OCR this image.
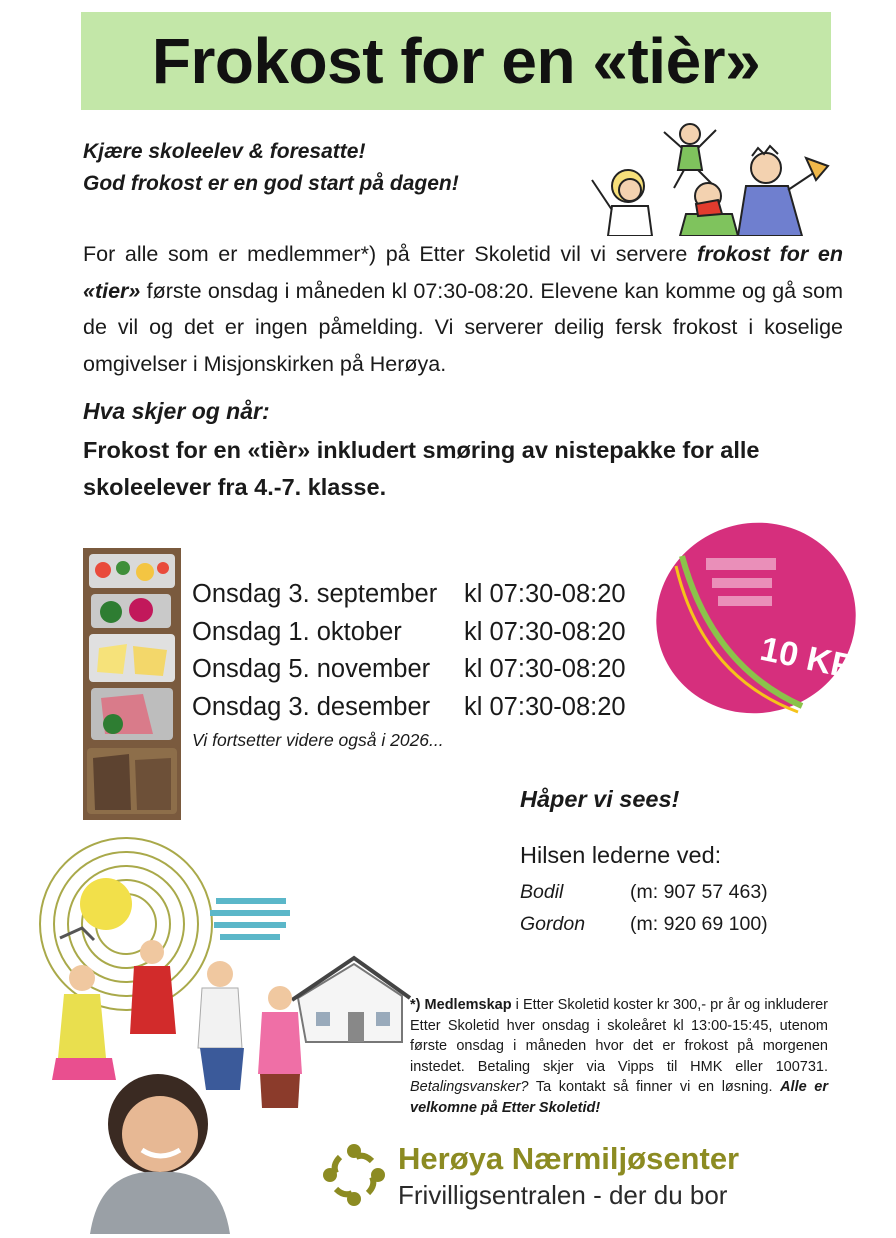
Frokost for en «tièr»
Kjære skoleelev & foresatte!
God frokost er en god start på dagen!
For alle som er medlemmer*) på Etter Skoletid vil vi servere frokost for en «tier» første onsdag i måneden kl 07:30-08:20. Elevene kan komme og gå som de vil og det er ingen påmelding. Vi serverer deilig fersk frokost i koselige omgivelser i Misjonskirken på Herøya.
Hva skjer og når:
Frokost for en «tièr» inkludert smøring av nistepakke for alle skoleelever fra 4.-7. klasse.
Onsdag 3. september	kl 07:30-08:20
Onsdag 1. oktober	kl 07:30-08:20
Onsdag 5. november	kl 07:30-08:20
Onsdag 3. desember	kl 07:30-08:20
Vi fortsetter videre også i 2026...
10 KR
Håper vi sees!
Hilsen lederne ved:
Bodil	(m: 907 57 463)
Gordon	(m: 920 69 100)
*) Medlemskap i Etter Skoletid koster kr 300,- pr år og inkluderer Etter Skoletid hver onsdag i skoleåret kl 13:00-15:45, utenom første onsdag i måneden hvor det er frokost på morgenen instedet. Betaling skjer via Vipps til HMK eller 100731. Betalingsvansker? Ta kontakt så finner vi en løsning. Alle er velkomne på Etter Skoletid!
Herøya Nærmiljøsenter
Frivilligsentralen - der du bor
